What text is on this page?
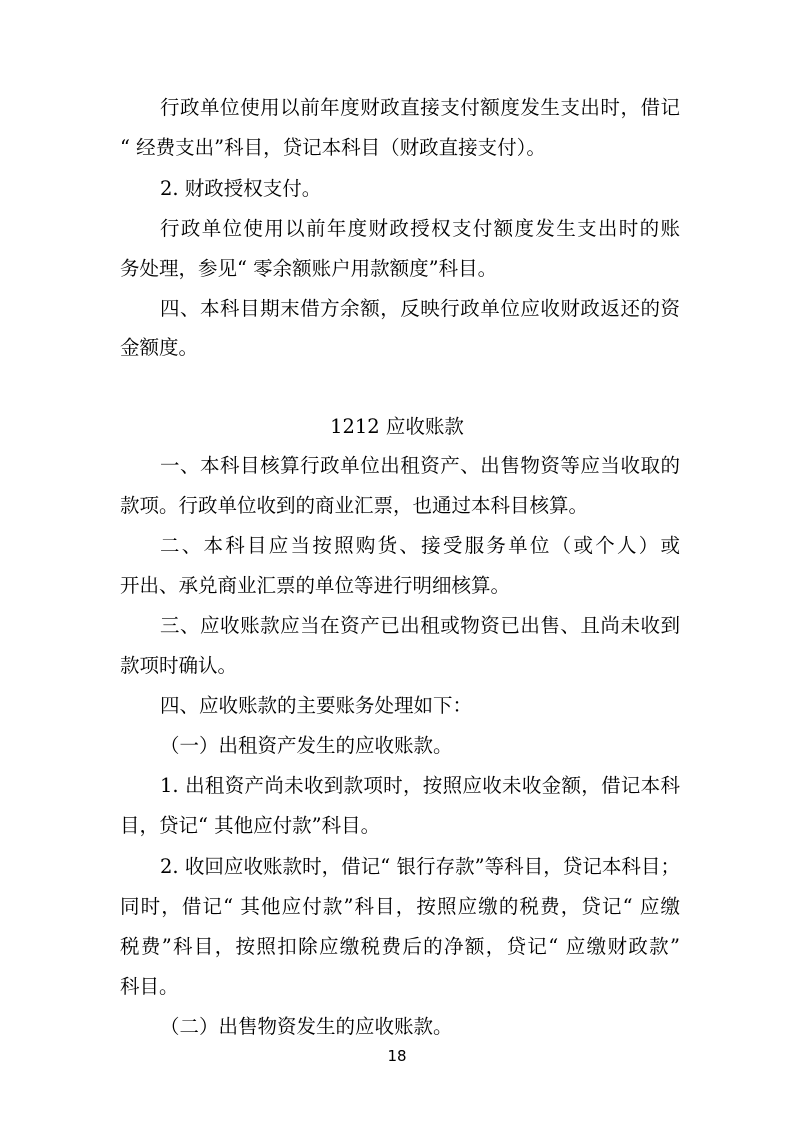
行政单位使用以前年度财政直接支付额度发生支出时，借记
“ 经费支出”科目，贷记本科目（财政直接支付）。
2. 财政授权支付。
行政单位使用以前年度财政授权支付额度发生支出时的账
务处理，参见“ 零余额账户用款额度”科目。
四、本科目期末借方余额，反映行政单位应收财政返还的资
金额度。
1212 应收账款
一、本科目核算行政单位出租资产、出售物资等应当收取的
款项。行政单位收到的商业汇票，也通过本科目核算。
二、本科目应当按照购货、接受服务单位（或个人）或
开出、承兑商业汇票的单位等进行明细核算。
三、应收账款应当在资产已出租或物资已出售、且尚未收到
款项时确认。
四、应收账款的主要账务处理如下：
（一）出租资产发生的应收账款。
1. 出租资产尚未收到款项时，按照应收未收金额，借记本科
目，贷记“ 其他应付款”科目。
2. 收回应收账款时，借记“ 银行存款”等科目，贷记本科目；
同时，借记“ 其他应付款”科目，按照应缴的税费，贷记“ 应缴
税费”科目，按照扣除应缴税费后的净额，贷记“ 应缴财政款”
科目。
（二）出售物资发生的应收账款。
18
